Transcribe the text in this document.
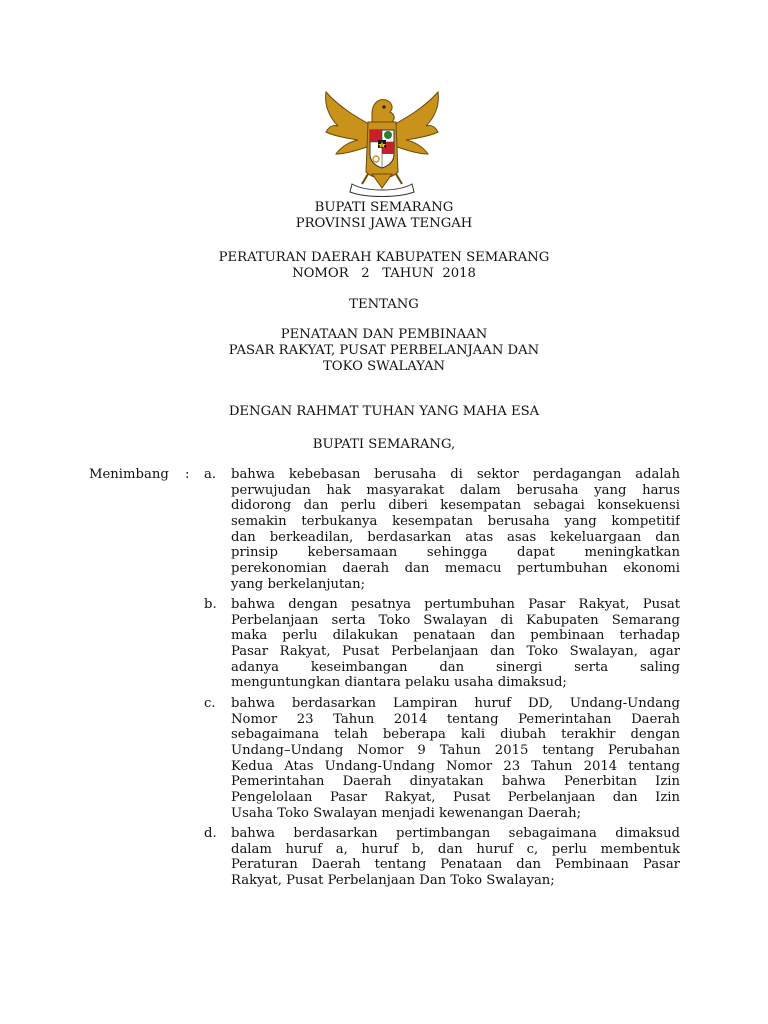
BUPATI SEMARANG
PROVINSI JAWA TENGAH
PERATURAN DAERAH KABUPATEN SEMARANG
NOMOR   2   TAHUN  2018
TENTANG
PENATAAN DAN PEMBINAAN
PASAR RAKYAT, PUSAT PERBELANJAAN DAN
TOKO SWALAYAN
DENGAN RAHMAT TUHAN YANG MAHA ESA
BUPATI SEMARANG,
Menimbang : a. bahwa kebebasan berusaha di sektor perdagangan adalah
perwujudan hak masyarakat dalam berusaha yang harus
didorong dan perlu diberi kesempatan sebagai konsekuensi
semakin terbukanya kesempatan berusaha yang kompetitif
dan berkeadilan, berdasarkan atas asas kekeluargaan dan
prinsip kebersamaan sehingga dapat meningkatkan
perekonomian daerah dan memacu pertumbuhan ekonomi
yang berkelanjutan;
b. bahwa dengan pesatnya pertumbuhan Pasar Rakyat, Pusat
Perbelanjaan serta Toko Swalayan di Kabupaten Semarang
maka perlu dilakukan penataan dan pembinaan terhadap
Pasar Rakyat, Pusat Perbelanjaan dan Toko Swalayan, agar
adanya keseimbangan dan sinergi serta saling
menguntungkan diantara pelaku usaha dimaksud;
c. bahwa berdasarkan Lampiran huruf DD, Undang-Undang
Nomor 23 Tahun 2014 tentang Pemerintahan Daerah
sebagaimana telah beberapa kali diubah terakhir dengan
Undang–Undang Nomor 9 Tahun 2015 tentang Perubahan
Kedua Atas Undang-Undang Nomor 23 Tahun 2014 tentang
Pemerintahan Daerah dinyatakan bahwa Penerbitan Izin
Pengelolaan Pasar Rakyat, Pusat Perbelanjaan dan Izin
Usaha Toko Swalayan menjadi kewenangan Daerah;
d. bahwa berdasarkan pertimbangan sebagaimana dimaksud
dalam huruf a, huruf b, dan huruf c, perlu membentuk
Peraturan Daerah tentang Penataan dan Pembinaan Pasar
Rakyat, Pusat Perbelanjaan Dan Toko Swalayan;
